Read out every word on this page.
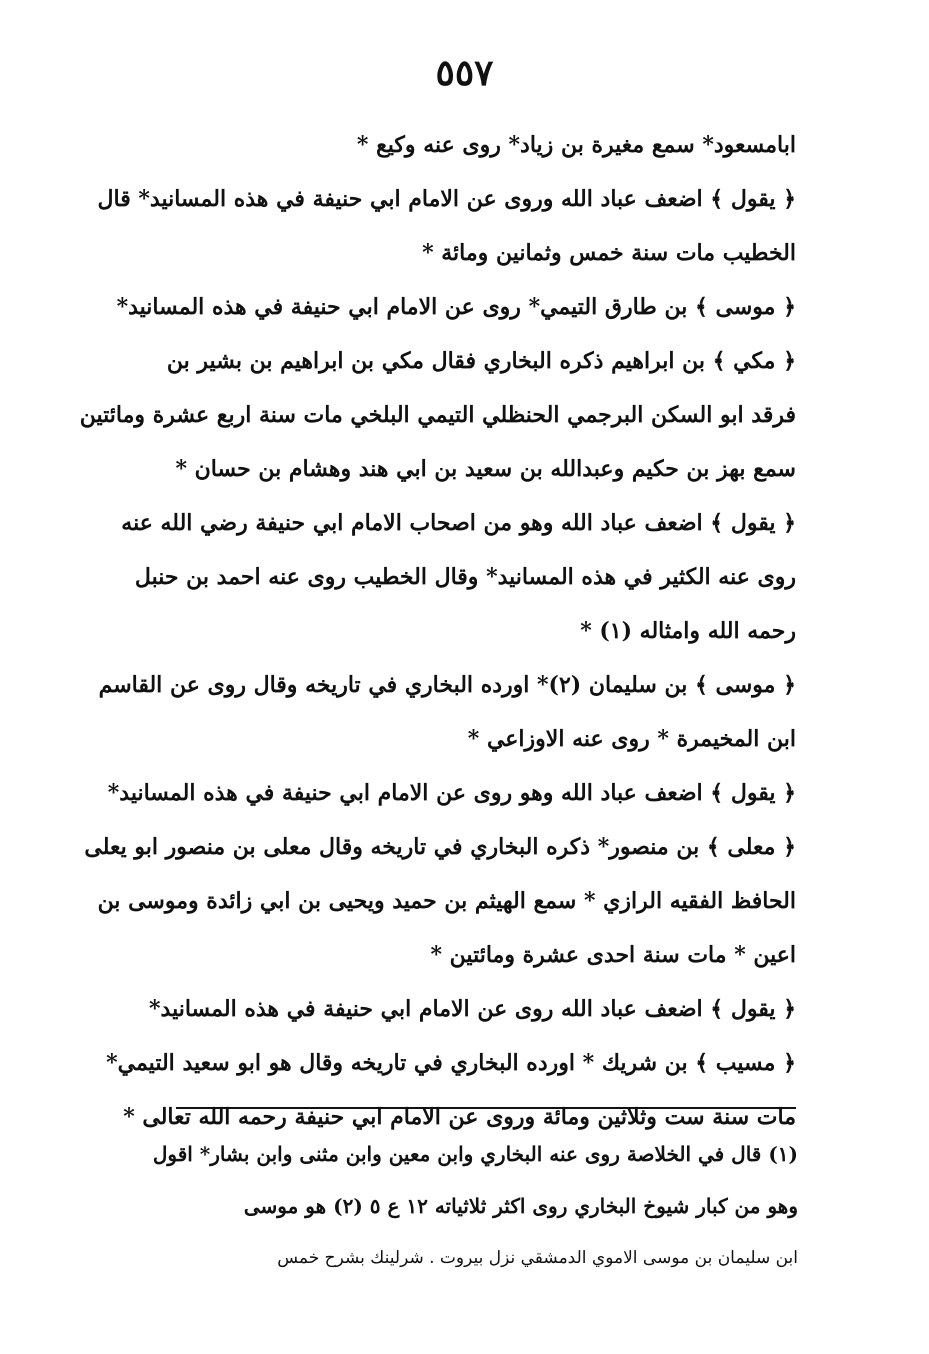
٥٥٧
ابامسعود* سمع مغيرة بن زياد* روى عنه وكيع *
﴿ يقول ﴾ اضعف عباد الله وروى عن الامام ابي حنيفة في هذه المسانيد* قال
الخطيب مات سنة خمس وثمانين ومائة *
﴿ موسى ﴾ بن طارق التيمي* روى عن الامام ابي حنيفة في هذه المسانيد*
﴿ مكي ﴾ بن ابراهيم ذكره البخاري فقال مكي بن ابراهيم بن بشير بن
فرقد ابو السكن البرجمي الحنظلي التيمي البلخي مات سنة اربع عشرة ومائتين
سمع بهز بن حكيم وعبدالله بن سعيد بن ابي هند وهشام بن حسان *
﴿ يقول ﴾ اضعف عباد الله وهو من اصحاب الامام ابي حنيفة رضي الله عنه
روى عنه الكثير في هذه المسانيد* وقال الخطيب روى عنه احمد بن حنبل
رحمه الله وامثاله (١) *
﴿ موسى ﴾ بن سليمان (٢)* اورده البخاري في تاريخه وقال روى عن القاسم
ابن المخيمرة * روى عنه الاوزاعي *
﴿ يقول ﴾ اضعف عباد الله وهو روى عن الامام ابي حنيفة في هذه المسانيد*
﴿ معلى ﴾ بن منصور* ذكره البخاري في تاريخه وقال معلى بن منصور ابو يعلى
الحافظ الفقيه الرازي * سمع الهيثم بن حميد ويحيى بن ابي زائدة وموسى بن
اعين * مات سنة احدى عشرة ومائتين *
﴿ يقول ﴾ اضعف عباد الله روى عن الامام ابي حنيفة في هذه المسانيد*
﴿ مسيب ﴾ بن شريك * اورده البخاري في تاريخه وقال هو ابو سعيد التيمي*
مات سنة ست وثلاثين ومائة وروى عن الامام ابي حنيفة رحمه الله تعالى *
(١) قال في الخلاصة روى عنه البخاري وابن معين وابن مثنى وابن بشار* اقول
وهو من كبار شيوخ البخاري روى اكثر ثلاثياته ١٢ ع ٥ (٢) هو موسى
ابن سليمان بن موسى الاموي الدمشقي نزل بيروت . شرلينك بشرح خمس
